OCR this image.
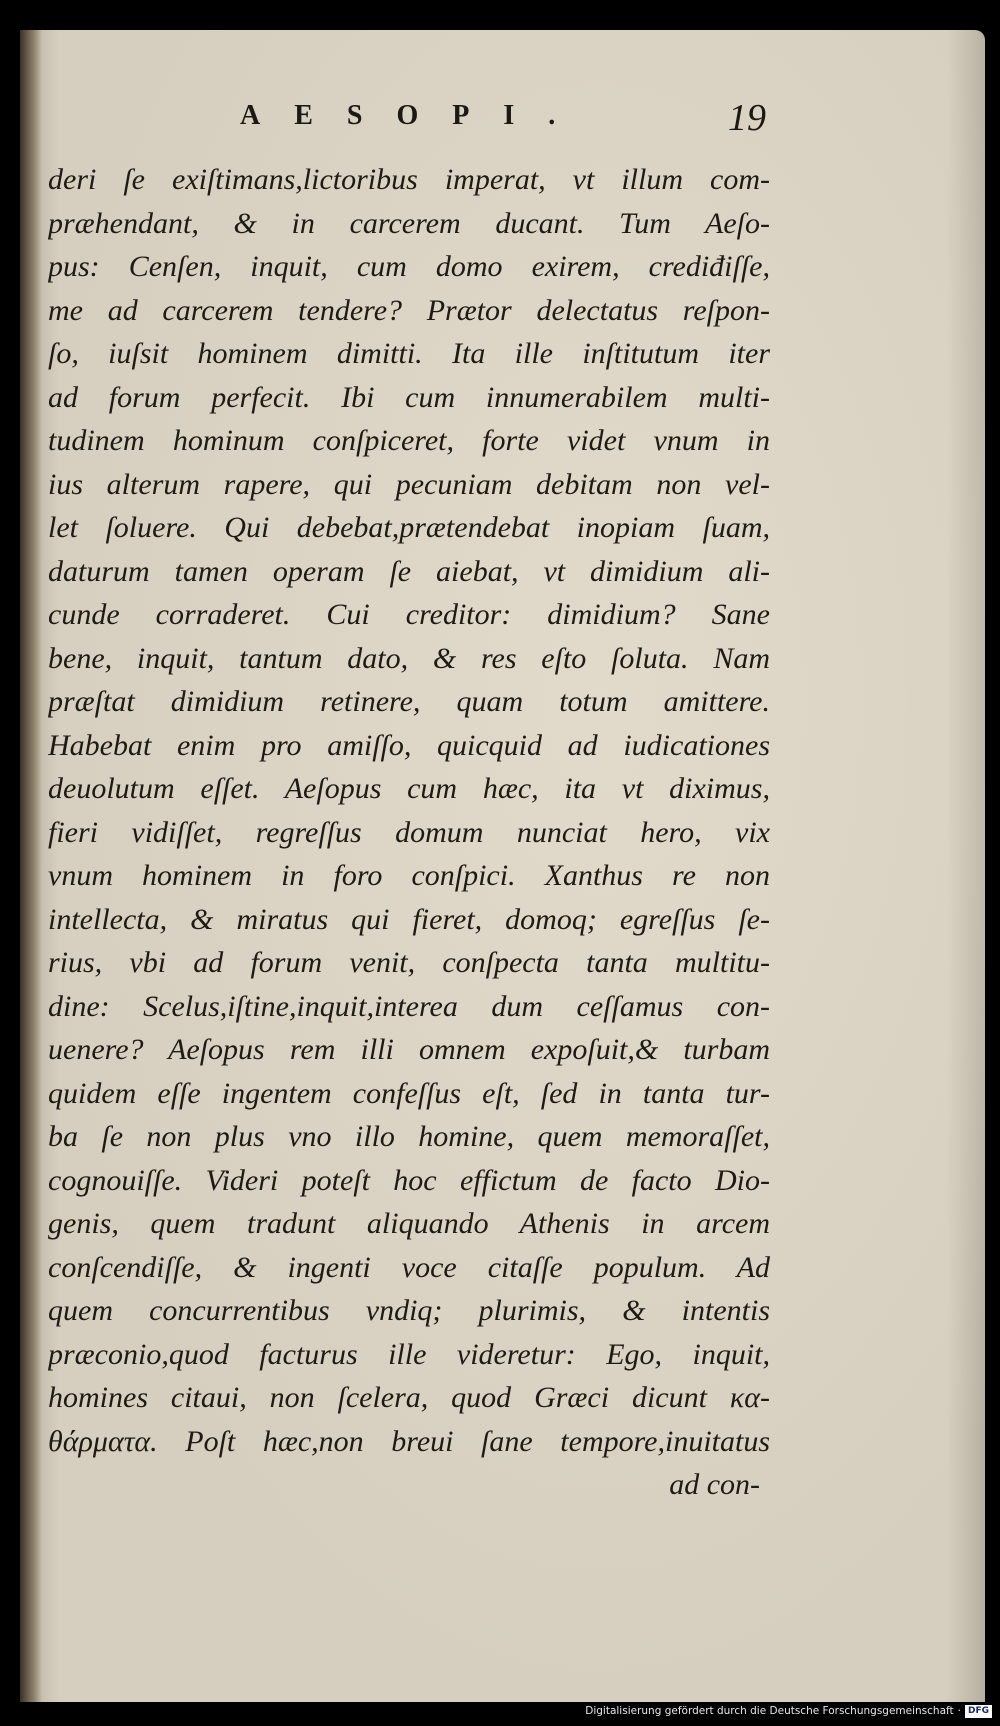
AESOPI.	19
deri ſe exiſtimans,lictoribus imperat, vt illum com-
præhendant, & in carcerem ducant. Tum Aeſo-
pus: Cenſen, inquit, cum domo exirem, crediđiſſe,
me ad carcerem tendere? Prætor delectatus reſpon-
ſo, iuſsit hominem dimitti. Ita ille inſtitutum iter
ad forum perfecit. Ibi cum innumerabilem multi-
tudinem hominum conſpiceret, forte videt vnum in
ius alterum rapere, qui pecuniam debitam non vel-
let ſoluere. Qui debebat,prætendebat inopiam ſuam,
daturum tamen operam ſe aiebat, vt dimidium ali-
cunde corraderet. Cui creditor: dimidium? Sane
bene, inquit, tantum dato, & res eſto ſoluta. Nam
præſtat dimidium retinere, quam totum amittere.
Habebat enim pro amiſſo, quicquid ad iudicationes
deuolutum eſſet. Aeſopus cum hæc, ita vt diximus,
fieri vidiſſet, regreſſus domum nunciat hero, vix
vnum hominem in foro conſpici. Xanthus re non
intellecta, & miratus qui fieret, domoq; egreſſus ſe-
rius, vbi ad forum venit, conſpecta tanta multitu-
dine: Scelus,iſtine,inquit,interea dum ceſſamus con-
uenere? Aeſopus rem illi omnem expoſuit,& turbam
quidem eſſe ingentem confeſſus eſt, ſed in tanta tur-
ba ſe non plus vno illo homine, quem memoraſſet,
cognouiſſe. Videri poteſt hoc effictum de facto Dio-
genis, quem tradunt aliquando Athenis in arcem
conſcendiſſe, & ingenti voce citaſſe populum. Ad
quem concurrentibus vndiq; plurimis, & intentis
præconio,quod facturus ille videretur: Ego, inquit,
homines citaui, non ſcelera, quod Græci dicunt κα-
θάρματα. Poſt hæc,non breui ſane tempore,inuitatus
ad con-
Digitalisierung gefördert durch die Deutsche Forschungsgemeinschaft · DFG
